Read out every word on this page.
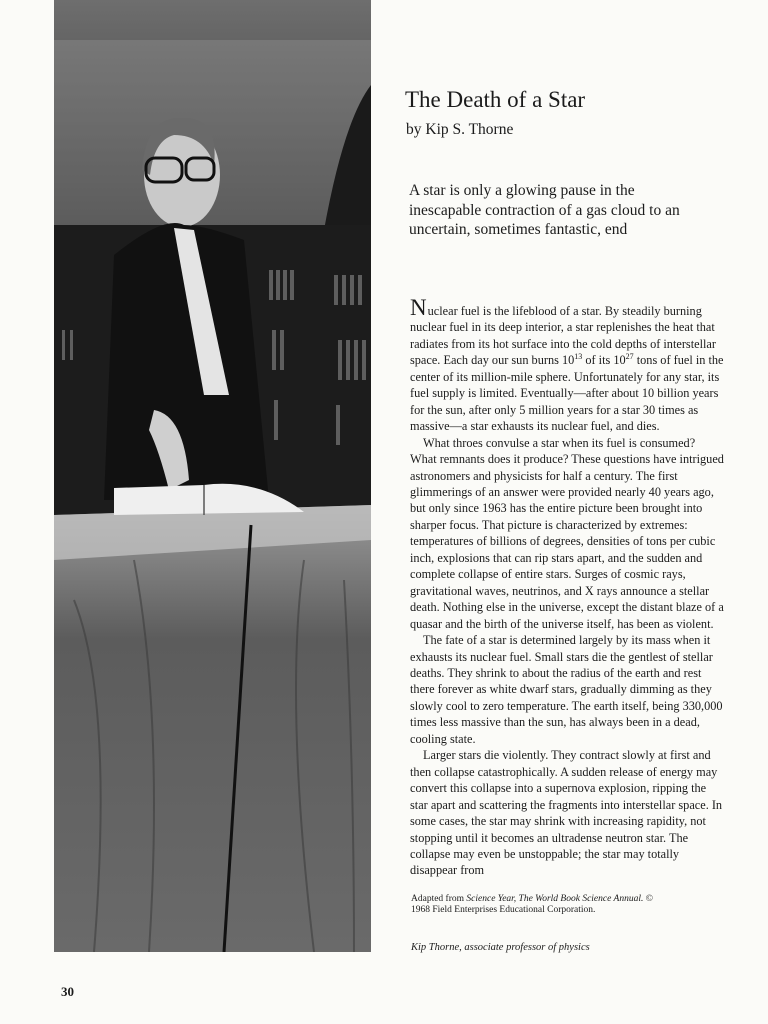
The Death of a Star
by Kip S. Thorne
A star is only a glowing pause in the inescapable contraction of a gas cloud to an uncertain, sometimes fantastic, end

Nuclear fuel is the lifeblood of a star. By steadily burning nuclear fuel in its deep interior, a star replenishes the heat that radiates from its hot surface into the cold depths of interstellar space. Each day our sun burns $10^{13}$ of its $10^{27}$ tons of fuel in the center of its million-mile sphere. Unfortunately for any star, its fuel supply is limited. Eventually—after about 10 billion years for the sun, after only 5 million years for a star 30 times as massive—a star exhausts its nuclear fuel, and dies.

What throes convulse a star when its fuel is consumed? What remnants does it produce? These questions have intrigued astronomers and physicists for half a century. The first glimmerings of an answer were provided nearly 40 years ago, but only since 1963 has the entire picture been brought into sharper focus. That picture is characterized by extremes: temperatures of billions of degrees, densities of tons per cubic inch, explosions that can rip stars apart, and the sudden and complete collapse of entire stars. Surges of cosmic rays, gravitational waves, neutrinos, and X rays announce a stellar death. Nothing else in the universe, except the distant blaze of a quasar and the birth of the universe itself, has been as violent.

The fate of a star is determined largely by its mass when it exhausts its nuclear fuel. Small stars die the gentlest of stellar deaths. They shrink to about the radius of the earth and rest there forever as white dwarf stars, gradually dimming as they slowly cool to zero temperature. The earth itself, being 330,000 times less massive than the sun, has always been in a dead, cooling state.

Larger stars die violently. They contract slowly at first and then collapse catastrophically. A sudden release of energy may convert this collapse into a supernova explosion, ripping the star apart and scattering the fragments into interstellar space. In some cases, the star may shrink with increasing rapidity, not stopping until it becomes an ultradense neutron star. The collapse may even be unstoppable; the star may totally disappear from

Adapted from Science Year, The World Book Science Annual. © 1968 Field Enterprises Educational Corporation.
Kip Thorne, associate professor of physics
30
